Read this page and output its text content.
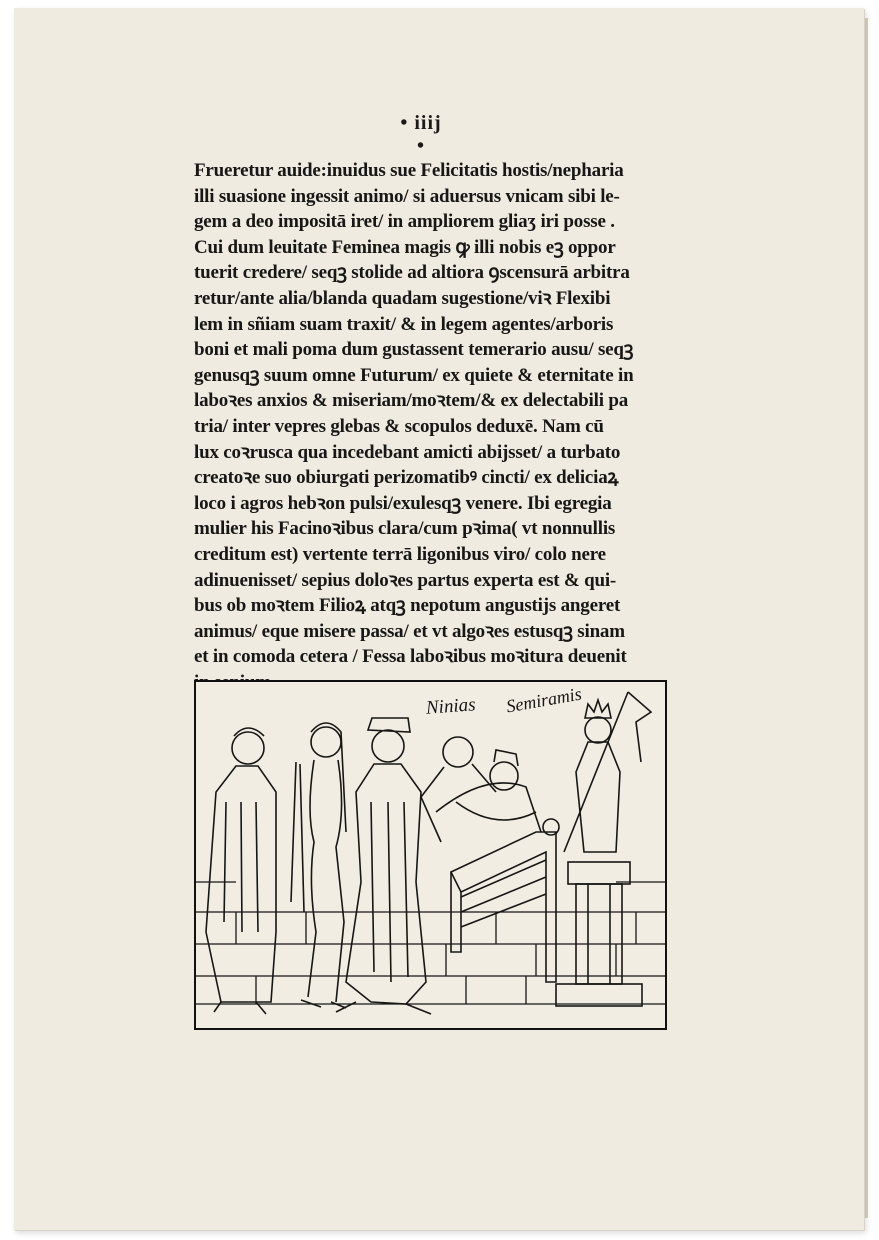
• iiij •
Frueretur auide:inuidus sue Felicitatis hostis/nepharia
illi suasione ingessit animo/ si aduersus vnicam sibi le-
gem a deo impositā iret/ in ampliorem gliaʒ iri posse .
Cui dum leuitate Feminea magis ꝙ illi nobis eꝫ oppor
tuerit credere/ seqꝫ stolide ad altiora ꝯscensurā arbitra
retur/ante alia/blanda quadam sugestione/viꝛ Flexibi
lem in sñiam suam traxit/ & in legem agentes/arboris
boni et mali poma dum gustassent temerario ausu/ seqꝫ
genusqꝫ suum omne Futurum/ ex quiete & eternitate in
laboꝛes anxios & miseriam/moꝛtem/& ex delectabili pa
tria/ inter vepres glebas & scopulos deduxē. Nam cū
lux coꝛrusca qua incedebant amicti abijsset/ a turbato
creatoꝛe suo obiurgati perizomatibꝰ cincti/ ex deliciaꝝ
loco i agros hebꝛon pulsi/exulesqꝫ venere. Ibi egregia
mulier his Facinoꝛibus clara/cum pꝛima( vt nonnullis
creditum est) vertente terrā ligonibus viro/ colo nere
adinuenisset/ sepius doloꝛes partus experta est & qui-
bus ob moꝛtem Filioꝝ atqꝫ nepotum angustijs angeret
animus/ eque misere passa/ et vt algoꝛes estusqꝫ sinam
et in comoda cetera / Fessa laboꝛibus moꝛitura deuenit
Ninias Semiramis
